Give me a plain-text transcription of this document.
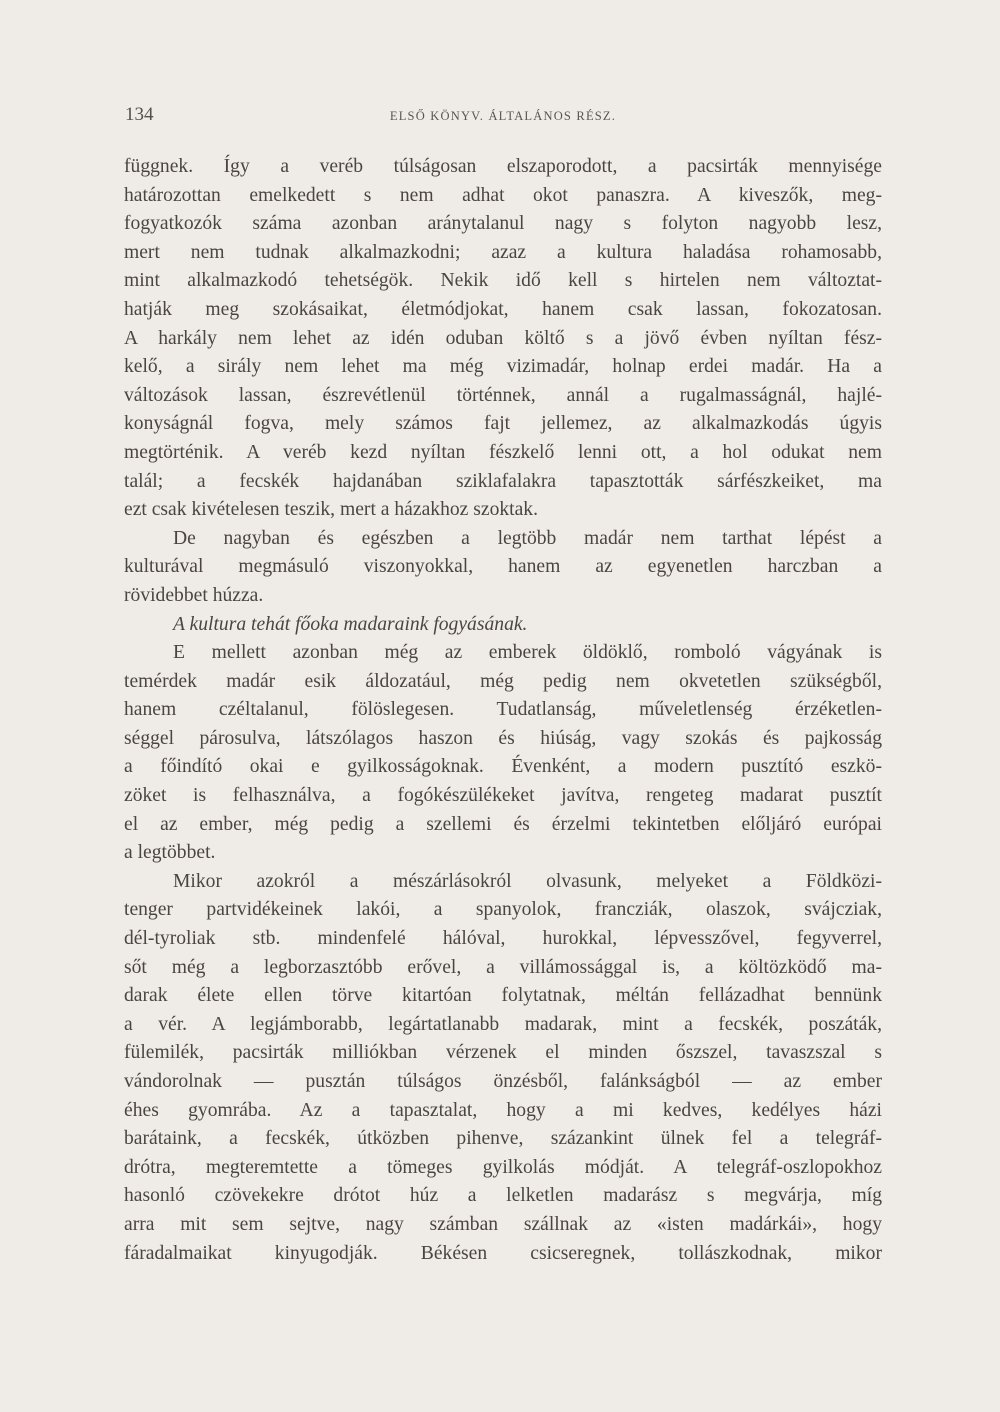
134	ELSŐ KÖNYV. ÁLTALÁNOS RÉSZ.
függnek. Így a veréb túlságosan elszaporodott, a pacsirták mennyisége
határozottan emelkedett s nem adhat okot panaszra. A kiveszők, meg-
fogyatkozók száma azonban aránytalanul nagy s folyton nagyobb lesz,
mert nem tudnak alkalmazkodni; azaz a kultura haladása rohamosabb,
mint alkalmazkodó tehetségök. Nekik idő kell s hirtelen nem változtat-
hatják meg szokásaikat, életmódjokat, hanem csak lassan, fokozatosan.
A harkály nem lehet az idén oduban költő s a jövő évben nyíltan fész-
kelő, a sirály nem lehet ma még vizimadár, holnap erdei madár. Ha a
változások lassan, észrevétlenül történnek, annál a rugalmasságnál, hajlé-
konyságnál fogva, mely számos fajt jellemez, az alkalmazkodás úgyis
megtörténik. A veréb kezd nyíltan fészkelő lenni ott, a hol odukat nem
talál; a fecskék hajdanában sziklafalakra tapasztották sárfészkeiket, ma
ezt csak kivételesen teszik, mert a házakhoz szoktak.
De nagyban és egészben a legtöbb madár nem tarthat lépést a
kulturával megmásuló viszonyokkal, hanem az egyenetlen harczban a
rövidebbet húzza.
A kultura tehát főoka madaraink fogyásának.
E mellett azonban még az emberek öldöklő, romboló vágyának is
temérdek madár esik áldozatául, még pedig nem okvetetlen szükségből,
hanem czéltalanul, fölöslegesen. Tudatlanság, műveletlenség érzéketlen-
séggel párosulva, látszólagos haszon és hiúság, vagy szokás és pajkosság
a főindító okai e gyilkosságoknak. Évenként, a modern pusztító eszkö-
zöket is felhasználva, a fogókészülékeket javítva, rengeteg madarat pusztít
el az ember, még pedig a szellemi és érzelmi tekintetben előljáró európai
a legtöbbet.
Mikor azokról a mészárlásokról olvasunk, melyeket a Földközi-
tenger partvidékeinek lakói, a spanyolok, francziák, olaszok, svájcziak,
dél-tyroliak stb. mindenfelé hálóval, hurokkal, lépvesszővel, fegyverrel,
sőt még a legborzasztóbb erővel, a villámossággal is, a költözködő ma-
darak élete ellen törve kitartóan folytatnak, méltán fellázadhat bennünk
a vér. A legjámborabb, legártatlanabb madarak, mint a fecskék, poszáták,
fülemilék, pacsirták milliókban vérzenek el minden őszszel, tavaszszal s
vándorolnak — pusztán túlságos önzésből, falánkságból — az ember
éhes gyomrába. Az a tapasztalat, hogy a mi kedves, kedélyes házi
barátaink, a fecskék, útközben pihenve, százankint ülnek fel a telegráf-
drótra, megteremtette a tömeges gyilkolás módját. A telegráf-oszlopokhoz
hasonló czövekekre drótot húz a lelketlen madarász s megvárja, míg
arra mit sem sejtve, nagy számban szállnak az «isten madárkái», hogy
fáradalmaikat kinyugodják. Békésen csicseregnek, tollászkodnak, mikor
